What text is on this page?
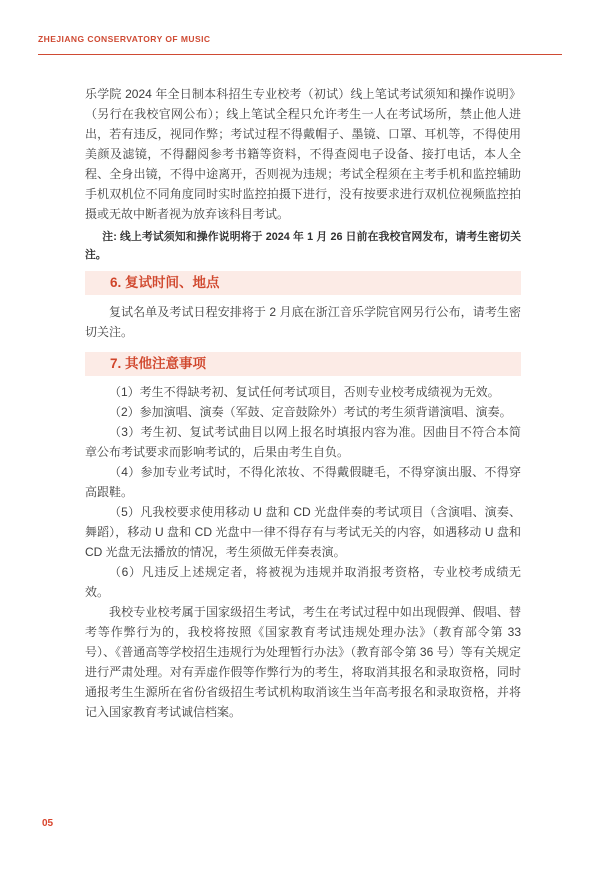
ZHEJIANG CONSERVATORY OF MUSIC

乐学院 2024 年全日制本科招生专业校考（初试）线上笔试考试须知和操作说明》（另行在我校官网公布）；线上笔试全程只允许考生一人在考试场所，禁止他人进出，若有违反，视同作弊；考试过程不得戴帽子、墨镜、口罩、耳机等，不得使用美颜及滤镜，不得翻阅参考书籍等资料，不得查阅电子设备、接打电话，本人全程、全身出镜，不得中途离开，否则视为违规；考试全程须在主考手机和监控辅助手机双机位不同角度同时实时监控拍摄下进行，没有按要求进行双机位视频监控拍摄或无故中断者视为放弃该科目考试。

注: 线上考试须知和操作说明将于 2024 年 1 月 26 日前在我校官网发布，请考生密切关注。

6. 复试时间、地点

复试名单及考试日程安排将于 2 月底在浙江音乐学院官网另行公布，请考生密切关注。

7. 其他注意事项

（1）考生不得缺考初、复试任何考试项目，否则专业校考成绩视为无效。

（2）参加演唱、演奏（军鼓、定音鼓除外）考试的考生须背谱演唱、演奏。

（3）考生初、复试考试曲目以网上报名时填报内容为准。因曲目不符合本简章公布考试要求而影响考试的，后果由考生自负。

（4）参加专业考试时，不得化浓妆、不得戴假睫毛，不得穿演出服、不得穿高跟鞋。

（5）凡我校要求使用移动 U 盘和 CD 光盘伴奏的考试项目（含演唱、演奏、舞蹈），移动 U 盘和 CD 光盘中一律不得存有与考试无关的内容，如遇移动 U 盘和 CD 光盘无法播放的情况，考生须做无伴奏表演。

（6）凡违反上述规定者，将被视为违规并取消报考资格，专业校考成绩无效。

我校专业校考属于国家级招生考试，考生在考试过程中如出现假弹、假唱、替考等作弊行为的，我校将按照《国家教育考试违规处理办法》（教育部令第 33 号）、《普通高等学校招生违规行为处理暂行办法》（教育部令第 36 号）等有关规定进行严肃处理。对有弄虚作假等作弊行为的考生，将取消其报名和录取资格，同时通报考生生源所在省份省级招生考试机构取消该生当年高考报名和录取资格，并将记入国家教育考试诚信档案。

05
